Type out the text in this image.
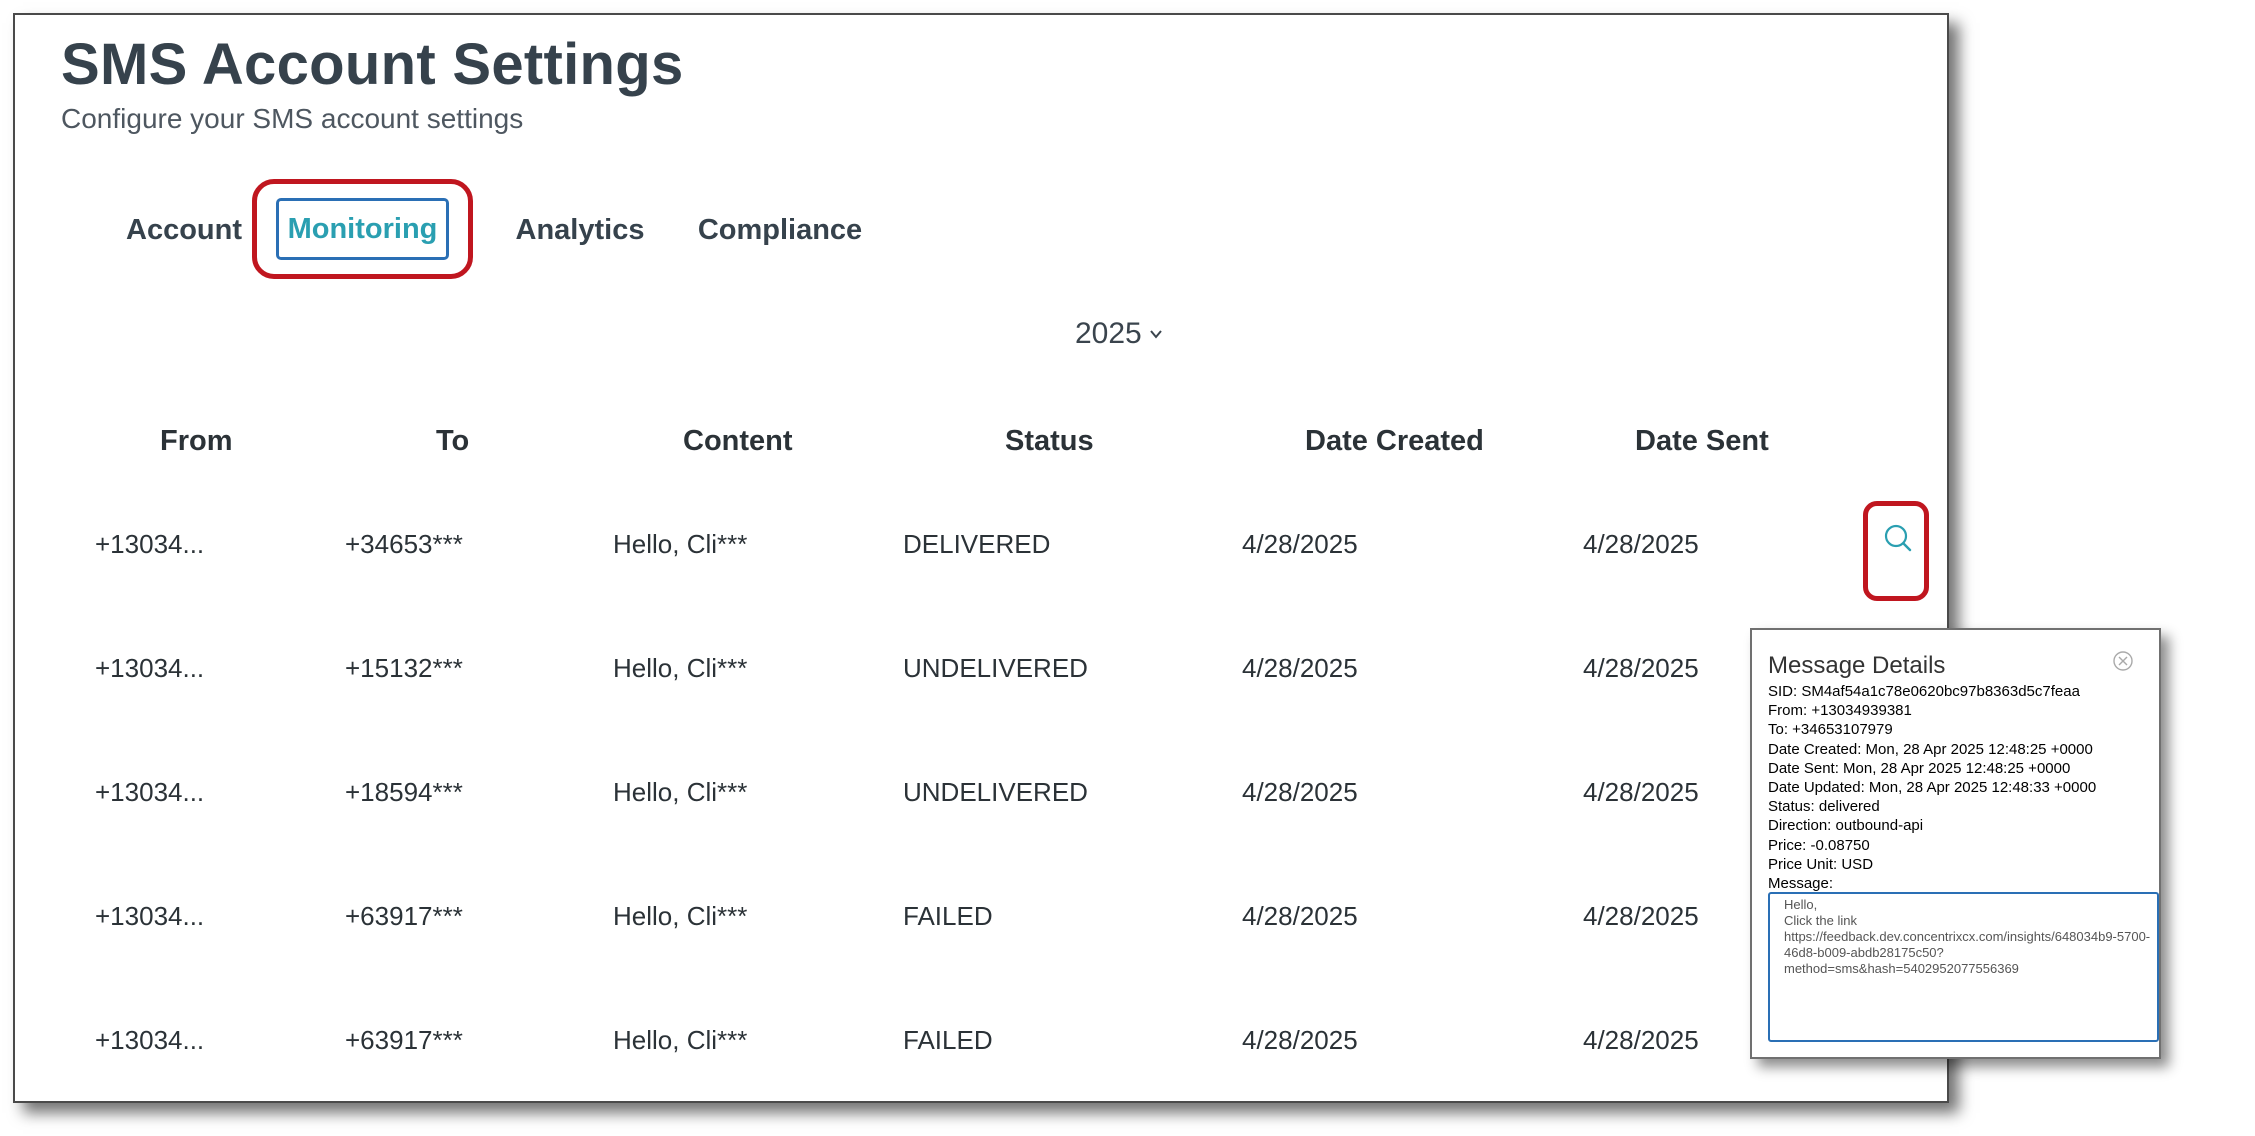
SMS Account Settings
Configure your SMS account settings
Account	Monitoring	Analytics	Compliance
2025
From	To	Content	Status	Date Created	Date Sent
+13034...	+34653***	Hello, Cli***	DELIVERED	4/28/2025	4/28/2025
+13034...	+15132***	Hello, Cli***	UNDELIVERED	4/28/2025	4/28/2025
+13034...	+18594***	Hello, Cli***	UNDELIVERED	4/28/2025	4/28/2025
+13034...	+63917***	Hello, Cli***	FAILED	4/28/2025	4/28/2025
+13034...	+63917***	Hello, Cli***	FAILED	4/28/2025	4/28/2025
Message Details
SID: SM4af54a1c78e0620bc97b8363d5c7feaa
From: +13034939381
To: +34653107979
Date Created: Mon, 28 Apr 2025 12:48:25 +0000
Date Sent: Mon, 28 Apr 2025 12:48:25 +0000
Date Updated: Mon, 28 Apr 2025 12:48:33 +0000
Status: delivered
Direction: outbound-api
Price: -0.08750
Price Unit: USD
Message:
Hello,
Click the link
https://feedback.dev.concentrixcx.com/insights/648034b9-5700-
46d8-b009-abdb28175c50?
method=sms&hash=5402952077556369
